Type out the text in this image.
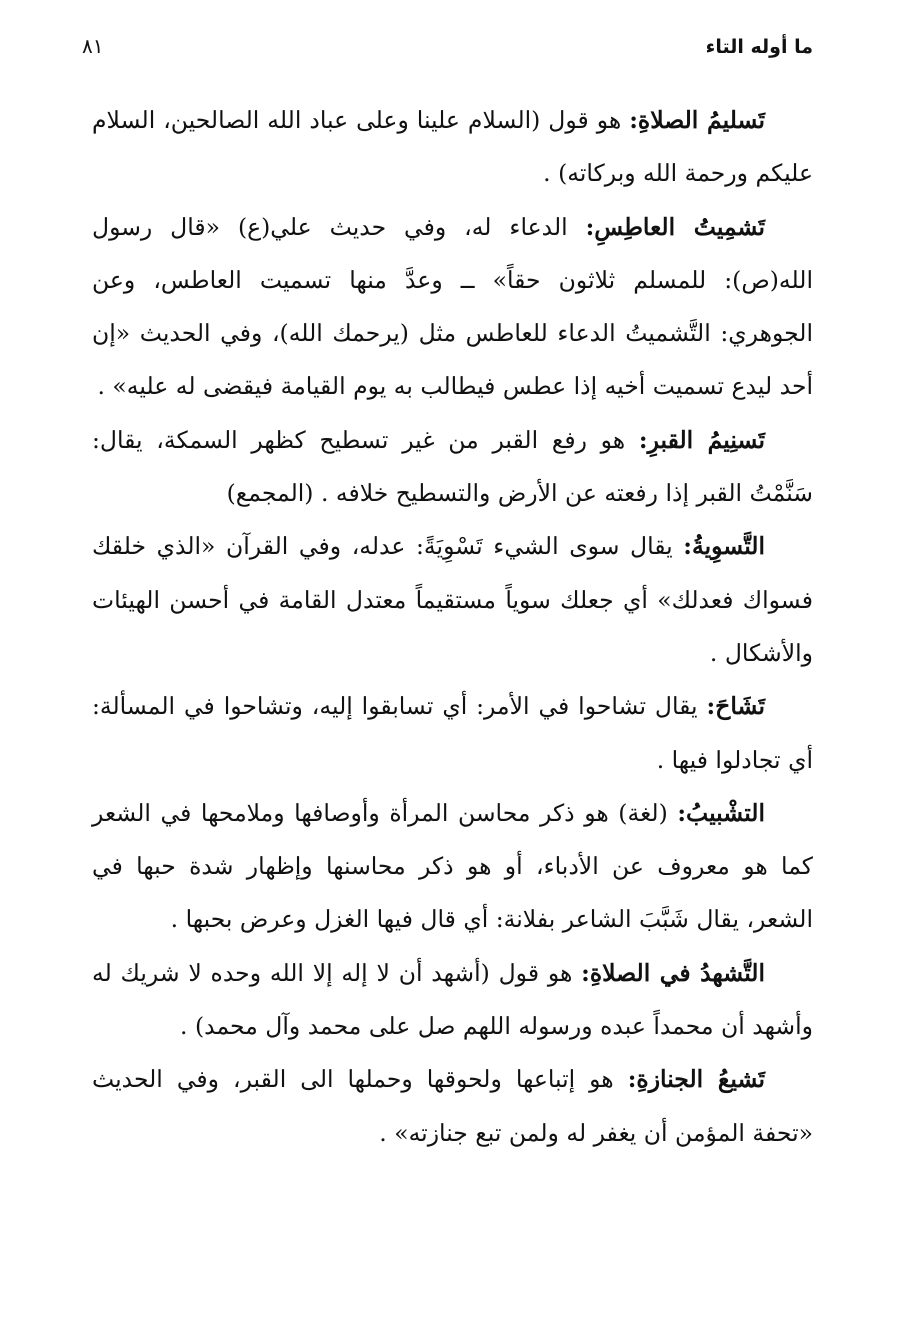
ما أوله التاء
٨١

تَسليمُ الصلاةِ: هو قول (السلام علينا وعلى عباد الله الصالحين، السلام عليكم ورحمة الله وبركاته) .

تَشمِيتُ العاطِسِ: الدعاء له، وفي حديث علي(ع) «قال رسول الله(ص): للمسلم ثلاثون حقاً» ــ وعدَّ منها تسميت العاطس، وعن الجوهري: التَّشميتُ الدعاء للعاطس مثل (يرحمك الله)، وفي الحديث «إن أحد ليدع تسميت أخيه إذا عطس فيطالب به يوم القيامة فيقضى له عليه» .

تَسنِيمُ القبرِ: هو رفع القبر من غير تسطيح كظهر السمكة، يقال: سَنَّمْتُ القبر إذا رفعته عن الأرض والتسطيح خلافه . (المجمع)

التَّسوِيةُ: يقال سوى الشيء تَسْوِيَةً: عدله، وفي القرآن «الذي خلقك فسواك فعدلك» أي جعلك سوياً مستقيماً معتدل القامة في أحسن الهيئات والأشكال .

تَشَاحَ: يقال تشاحوا في الأمر: أي تسابقوا إليه، وتشاحوا في المسألة: أي تجادلوا فيها .

التشْبيبُ: (لغة) هو ذكر محاسن المرأة وأوصافها وملامحها في الشعر كما هو معروف عن الأدباء، أو هو ذكر محاسنها وإظهار شدة حبها في الشعر، يقال شَبَّبَ الشاعر بفلانة: أي قال فيها الغزل وعرض بحبها .

التَّشهدُ في الصلاةِ: هو قول (أشهد أن لا إله إلا الله وحده لا شريك له وأشهد أن محمداً عبده ورسوله اللهم صل على محمد وآل محمد) .

تَشيعُ الجنازةِ: هو إتباعها ولحوقها وحملها الى القبر، وفي الحديث «تحفة المؤمن أن يغفر له ولمن تبع جنازته» .
